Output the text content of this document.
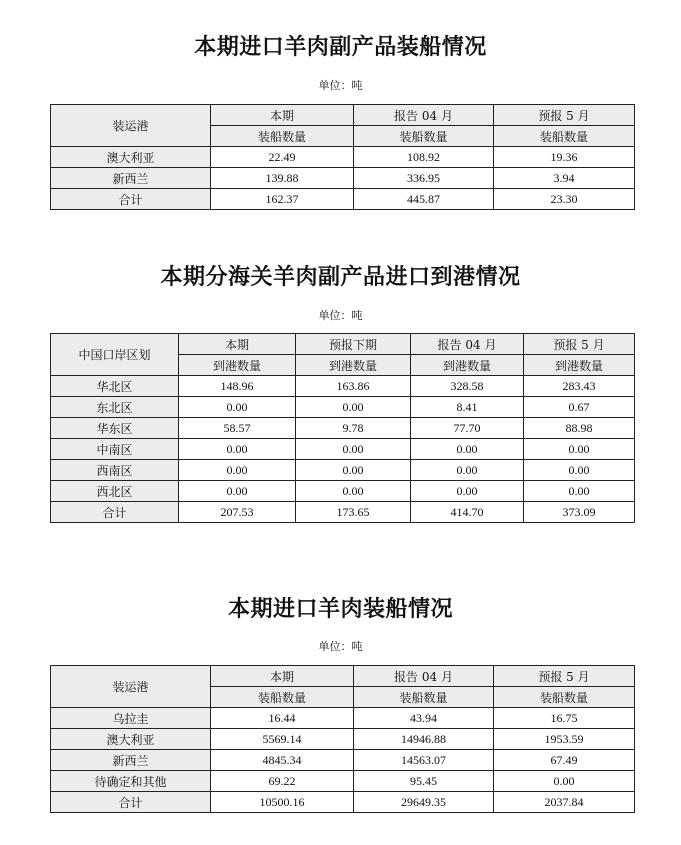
本期进口羊肉副产品装船情况
单位：吨
装运港	本期	报告 04 月	预报 5 月
	装船数量	装船数量	装船数量
澳大利亚	22.49	108.92	19.36
新西兰	139.88	336.95	3.94
合计	162.37	445.87	23.30
本期分海关羊肉副产品进口到港情况
单位：吨
中国口岸区划	本期	预报下期	报告 04 月	预报 5 月
	到港数量	到港数量	到港数量	到港数量
华北区	148.96	163.86	328.58	283.43
东北区	0.00	0.00	8.41	0.67
华东区	58.57	9.78	77.70	88.98
中南区	0.00	0.00	0.00	0.00
西南区	0.00	0.00	0.00	0.00
西北区	0.00	0.00	0.00	0.00
合计	207.53	173.65	414.70	373.09
本期进口羊肉装船情况
单位：吨
装运港	本期	报告 04 月	预报 5 月
	装船数量	装船数量	装船数量
乌拉圭	16.44	43.94	16.75
澳大利亚	5569.14	14946.88	1953.59
新西兰	4845.34	14563.07	67.49
待确定和其他	69.22	95.45	0.00
合计	10500.16	29649.35	2037.84
